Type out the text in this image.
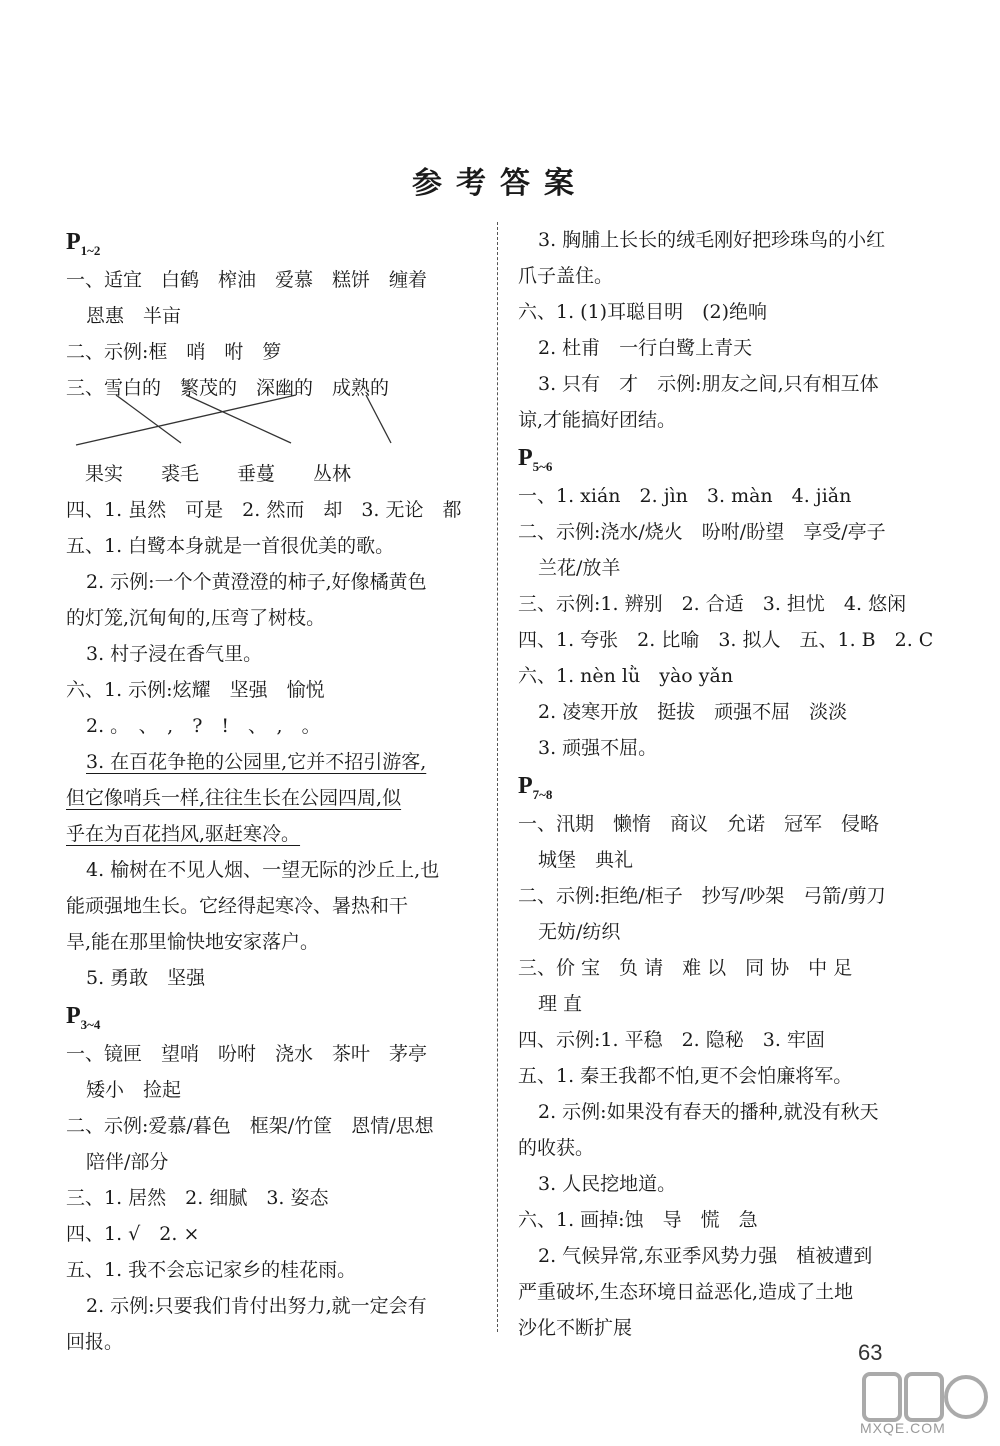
参考答案
$P_{1\sim 2}$
一、适宜　白鹤　榨油　爱慕　糕饼　缠着
恩惠　半亩
二、示例:框　哨　咐　箩
三、雪白的　繁茂的　深幽的　成熟的
　果实　　裘毛　　垂蔓　　丛林
四、1. 虽然　可是　2. 然而　却　3. 无论　都
五、1. 白鹭本身就是一首很优美的歌。
2. 示例:一个个黄澄澄的柿子,好像橘黄色
的灯笼,沉甸甸的,压弯了树枝。
3. 村子浸在香气里。
六、1. 示例:炫耀　坚强　愉悦
2. 。　、　,　?　!　、　,　。
3. 在百花争艳的公园里,它并不招引游客,
但它像哨兵一样,往往生长在公园四周,似
乎在为百花挡风,驱赶寒冷。
4. 榆树在不见人烟、一望无际的沙丘上,也
能顽强地生长。它经得起寒冷、暑热和干
旱,能在那里愉快地安家落户。
5. 勇敢　坚强
$P_{3\sim 4}$
一、镜匣　望哨　吩咐　浇水　茶叶　茅亭
矮小　捡起
二、示例:爱慕/暮色　框架/竹筐　恩情/思想
陪伴/部分
三、1. 居然　2. 细腻　3. 姿态
四、1. √　2. ×
五、1. 我不会忘记家乡的桂花雨。
2. 示例:只要我们肯付出努力,就一定会有
回报。
3. 胸脯上长长的绒毛刚好把珍珠鸟的小红
爪子盖住。
六、1. (1)耳聪目明　(2)绝响
2. 杜甫　一行白鹭上青天
3. 只有　才　示例:朋友之间,只有相互体
谅,才能搞好团结。
$P_{5\sim 6}$
一、1. xián　2. jìn　3. màn　4. jiǎn
二、示例:浇水/烧火　吩咐/盼望　享受/亭子
兰花/放羊
三、示例:1. 辨别　2. 合适　3. 担忧　4. 悠闲
四、1. 夸张　2. 比喻　3. 拟人　五、1. B　2. C
六、1. nèn lǜ　yào yǎn
2. 凌寒开放　挺拔　顽强不屈　淡淡
3. 顽强不屈。
$P_{7\sim 8}$
一、汛期　懒惰　商议　允诺　冠军　侵略
城堡　典礼
二、示例:拒绝/柜子　抄写/吵架　弓箭/剪刀
无妨/纺织
三、价 宝　负 请　难 以　同 协　中 足
理 直
四、示例:1. 平稳　2. 隐秘　3. 牢固
五、1. 秦王我都不怕,更不会怕廉将军。
2. 示例:如果没有春天的播种,就没有秋天
的收获。
3. 人民挖地道。
六、1. 画掉:蚀　导　慌　急
2. 气候异常,东亚季风势力强　植被遭到
严重破坏,生态环境日益恶化,造成了土地
沙化不断扩展
63
MXQE.COM
